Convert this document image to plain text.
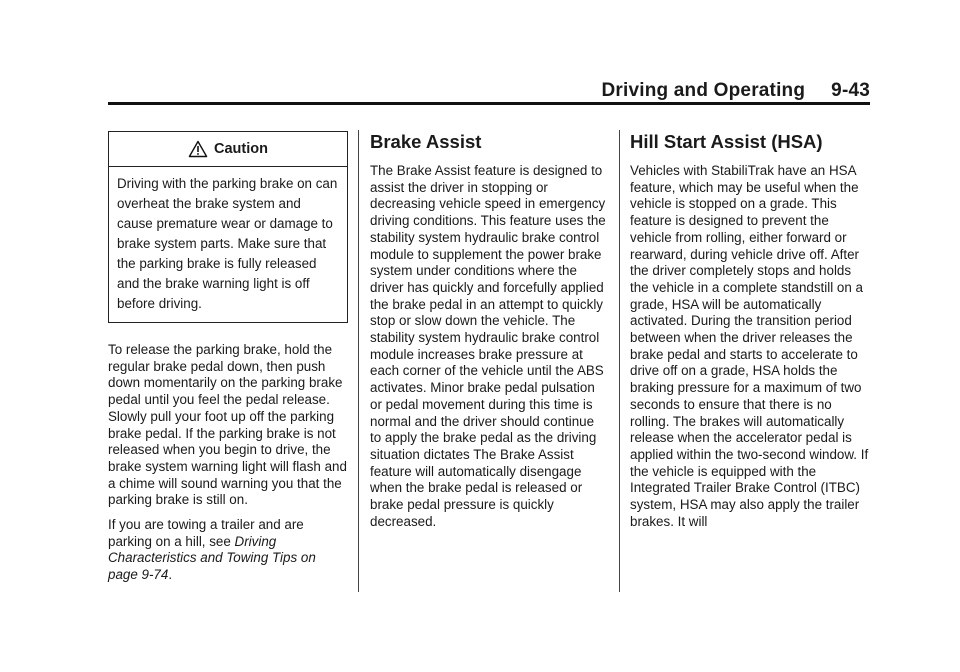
Driving and Operating 9-43
Caution
Driving with the parking brake on can overheat the brake system and cause premature wear or damage to brake system parts. Make sure that the parking brake is fully released and the brake warning light is off before driving.

To release the parking brake, hold the regular brake pedal down, then push down momentarily on the parking brake pedal until you feel the pedal release. Slowly pull your foot up off the parking brake pedal. If the parking brake is not released when you begin to drive, the brake system warning light will flash and a chime will sound warning you that the parking brake is still on.

If you are towing a trailer and are parking on a hill, see Driving Characteristics and Towing Tips on page 9-74.

Brake Assist

The Brake Assist feature is designed to assist the driver in stopping or decreasing vehicle speed in emergency driving conditions. This feature uses the stability system hydraulic brake control module to supplement the power brake system under conditions where the driver has quickly and forcefully applied the brake pedal in an attempt to quickly stop or slow down the vehicle. The stability system hydraulic brake control module increases brake pressure at each corner of the vehicle until the ABS activates. Minor brake pedal pulsation or pedal movement during this time is normal and the driver should continue to apply the brake pedal as the driving situation dictates The Brake Assist feature will automatically disengage when the brake pedal is released or brake pedal pressure is quickly decreased.

Hill Start Assist (HSA)

Vehicles with StabiliTrak have an HSA feature, which may be useful when the vehicle is stopped on a grade. This feature is designed to prevent the vehicle from rolling, either forward or rearward, during vehicle drive off. After the driver completely stops and holds the vehicle in a complete standstill on a grade, HSA will be automatically activated. During the transition period between when the driver releases the brake pedal and starts to accelerate to drive off on a grade, HSA holds the braking pressure for a maximum of two seconds to ensure that there is no rolling. The brakes will automatically release when the accelerator pedal is applied within the two-second window. If the vehicle is equipped with the Integrated Trailer Brake Control (ITBC) system, HSA may also apply the trailer brakes. It will
